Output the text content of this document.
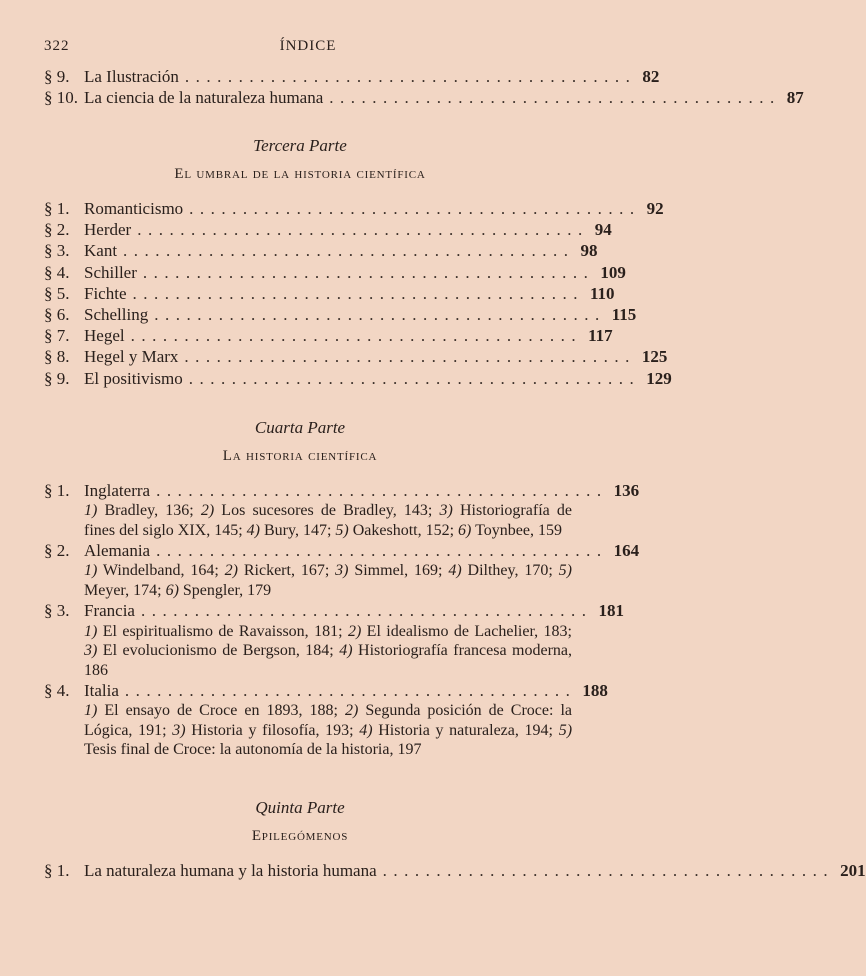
322	ÍNDICE
§ 9. La Ilustración .......................................... 82
§ 10. La ciencia de la naturaleza humana .......................................... 87
Tercera Parte
El umbral de la historia científica
§ 1. Romanticismo .......................................... 92
§ 2. Herder .......................................... 94
§ 3. Kant .......................................... 98
§ 4. Schiller .......................................... 109
§ 5. Fichte .......................................... 110
§ 6. Schelling .......................................... 115
§ 7. Hegel .......................................... 117
§ 8. Hegel y Marx .......................................... 125
§ 9. El positivismo .......................................... 129
Cuarta Parte
La historia científica
§ 1. Inglaterra .......................................... 136
1) Bradley, 136; 2) Los sucesores de Bradley, 143; 3) Historiografía de fines del siglo XIX, 145; 4) Bury, 147; 5) Oakeshott, 152; 6) Toynbee, 159
§ 2. Alemania .......................................... 164
1) Windelband, 164; 2) Rickert, 167; 3) Simmel, 169; 4) Dilthey, 170; 5) Meyer, 174; 6) Spengler, 179
§ 3. Francia .......................................... 181
1) El espiritualismo de Ravaisson, 181; 2) El idealismo de Lachelier, 183; 3) El evolucionismo de Bergson, 184; 4) Historiografía francesa moderna, 186
§ 4. Italia .......................................... 188
1) El ensayo de Croce en 1893, 188; 2) Segunda posición de Croce: la Lógica, 191; 3) Historia y filosofía, 193; 4) Historia y naturaleza, 194; 5) Tesis final de Croce: la autonomía de la historia, 197
Quinta Parte
Epilegómenos
§ 1. La naturaleza humana y la historia humana .......................................... 201
